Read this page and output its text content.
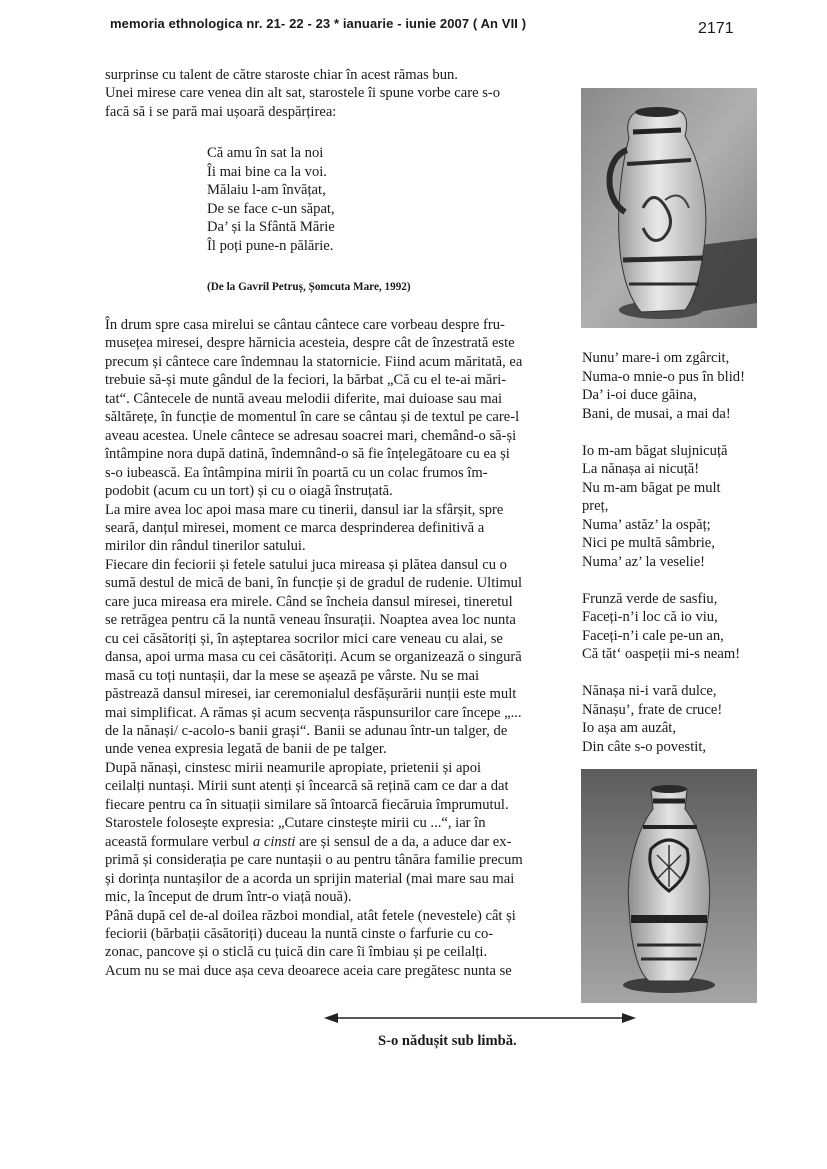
memoria ethnologica nr. 21- 22 - 23 * ianuarie - iunie 2007 ( An VII )	2171

surprinse cu talent de către staroste chiar în acest rămas bun.

Unei mirese care venea din alt sat, starostele îi spune vorbe care s-o

facă să i se pară mai ușoară despărțirea:

Că amu în sat la noi
Îi mai bine ca la voi.
Mălaiu l-am învățat,
De se face c-un săpat,
Da’ și la Sfântă Mărie
Îl poți pune-n pălărie.
(De la Gavril Petruș, Șomcuta Mare, 1992)

În drum spre casa mirelui se cântau cântece care vorbeau despre fru-

musețea miresei, despre hărnicia acesteia, despre cât de înzestrată este

precum și cântece care îndemnau la statornicie. Fiind acum măritată, ea

trebuie să-și mute gândul de la feciori, la bărbat „Că cu el te-ai mări-

tat“. Cântecele de nuntă aveau melodii diferite, mai duioase sau mai

săltărețe, în funcție de momentul în care se cântau și de textul pe care-l

aveau acestea. Unele cântece se adresau soacrei mari, chemând-o să-și

întâmpine nora după datină, îndemnând-o să fie înțelegătoare cu ea și

s-o iubească. Ea întâmpina mirii în poartă cu un colac frumos îm-

podobit (acum cu un tort) și cu o oiagă înstruțată.

La mire avea loc apoi masa mare cu tinerii, dansul iar la sfârșit, spre

seară, danțul miresei, moment ce marca desprinderea definitivă a

mirilor din rândul tinerilor satului.

Fiecare din feciorii și fetele satului juca mireasa și plătea dansul cu o

sumă destul de mică de bani, în funcție și de gradul de rudenie. Ultimul

care juca mireasa era mirele. Când se încheia dansul miresei, tineretul

se retrăgea pentru că la nuntă veneau însurații. Noaptea avea loc nunta

cu cei căsătoriți și, în așteptarea socrilor mici care veneau cu alai, se

dansa, apoi urma masa cu cei căsătoriți. Acum se organizează o singură

masă cu toți nuntașii, dar la mese se așează pe vârste. Nu se mai

păstrează dansul miresei, iar ceremonialul desfășurării nunții este mult

mai simplificat. A rămas și acum secvența răspunsurilor care începe „...

de la nănași/ c-acolo-s banii grași“. Banii se adunau într-un talger, de

unde venea expresia legată de banii de pe talger.

După nănași, cinstesc mirii neamurile apropiate, prietenii și apoi

ceilalți nuntași. Mirii sunt atenți și încearcă să rețină cam ce dar a dat

fiecare pentru ca în situații similare să întoarcă fiecăruia împrumutul.

Starostele folosește expresia: „Cutare cinstește mirii cu ...“, iar în

această formulare verbul a cinsti are și sensul de a da, a aduce dar ex-

primă și considerația pe care nuntașii o au pentru tânăra familie precum

și dorința nuntașilor de a acorda un sprijin material (mai mare sau mai

mic, la început de drum într-o viață nouă).

Până după cel de-al doilea război mondial, atât fetele (nevestele) cât și

feciorii (bărbații căsătoriți) duceau la nuntă cinste o farfurie cu co-

zonac, pancove și o sticlă cu țuică din care îi îmbiau și pe ceilalți.

Acum nu se mai duce așa ceva deoarece aceia care pregătesc nunta se

Nunu’ mare-i om zgârcit,
Numa-o mnie-o pus în blid!
Da’ i-oi duce găina,
Bani, de musai, a mai da!
Io m-am băgat slujnicuță
La nănașa ai nicuță!
Nu m-am băgat pe mult
preț,
Numa’ astăz’ la ospăț;
Nici pe multă sâmbrie,
Numa’ az’ la veselie!
Frunză verde de sasfiu,
Faceți-n’i loc că io viu,
Faceți-n’i cale pe-un an,
Că tăt‘ oaspeții mi-s neam!
Nănașa ni-i vară dulce,
Nănașu’, frate de cruce!
Io așa am auzât,
Din câte s-o povestit,
S-o nădușit sub limbă.
